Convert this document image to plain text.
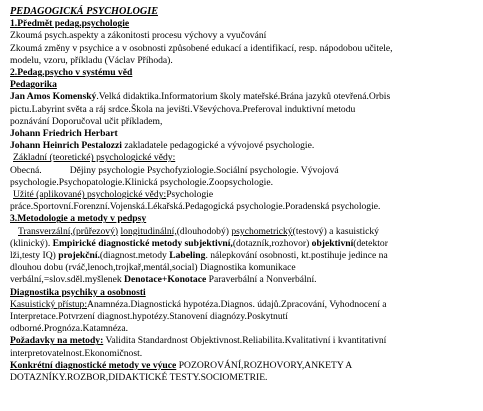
PEDAGOGICKÁ PSYCHOLOGIE

1.Předmět pedag.psychologie

Zkoumá psych.aspekty a zákonitosti procesu výchovy a vyučování

Zkoumá změny v psychice a v osobnosti způsobené edukací a identifikací, resp. nápodobou učitele,

modelu, vzoru, příkladu (Václav Příhoda).

2.Pedag.psycho v systému věd

Pedagorika

Jan Amos Komenský.Velká didaktika.Informatorium školy mateřské.Brána jazyků otevřená.Orbis

pictu.Labyrint světa a ráj srdce.Škola na jevišti.Vševýchova.Preferoval induktivní metodu

poznávání Doporučoval učit příkladem,

Johann Friedrich Herbart

Johann Heinrich Pestalozzi zakladatele pedagogické a vývojové psychologie.

Základní (teoretické) psychologické vědy:

Obecná.	Dějiny psychologie Psychofyziologie.Sociální psychologie. Vývojová

psychologie.Psychopatologie.Klinická psychologie.Zoopsychologie.

Užité (aplikované) psychologické vědy:Psychologie

práce.Sportovní.Forenzní.Vojenská.Lékařská.Pedagogická psychologie.Poradenská psychologie.

3.Metodologie a metody v pedpsy

Transverzální,(průřezový) longitudinální,(dlouhodobý) psychometrický(testový) a kasuistický

(klinický). Empirické diagnostické metody subjektivní,(dotazník,rozhovor) objektivní(detektor

lži,testy IQ) projekční.(diagnost.metody Labeling. nálepkování osobnosti, kt.postihuje jedince na

dlouhou dobu (rváč,lenoch,trojkař,mentál,social) Diagnostika komunikace

verbální,=slov.sděl.myšlenek Denotace+Konotace Paraverbální a Nonverbální.

Diagnostika psychiky a osobnosti

Kasuistický přístup:Anamnéza.Diagnostická hypotéza.Diagnos. údajů.Zpracování, Vyhodnocení a

Interpretace.Potvrzení diagnost.hypotézy.Stanovení diagnózy.Poskytnutí

odborné.Prognóza.Katamnéza.

Požadavky na metody: Validita Standardnost Objektivnost.Reliabilita.Kvalitativní i kvantitativní

interpretovatelnost.Ekonomičnost.

Konkrétní diagnostické metody ve výuce POZOROVÁNÍ,ROZHOVORY,ANKETY A

DOTAZNÍKY.ROZBOR,DIDAKTICKÉ TESTY.SOCIOMETRIE.
